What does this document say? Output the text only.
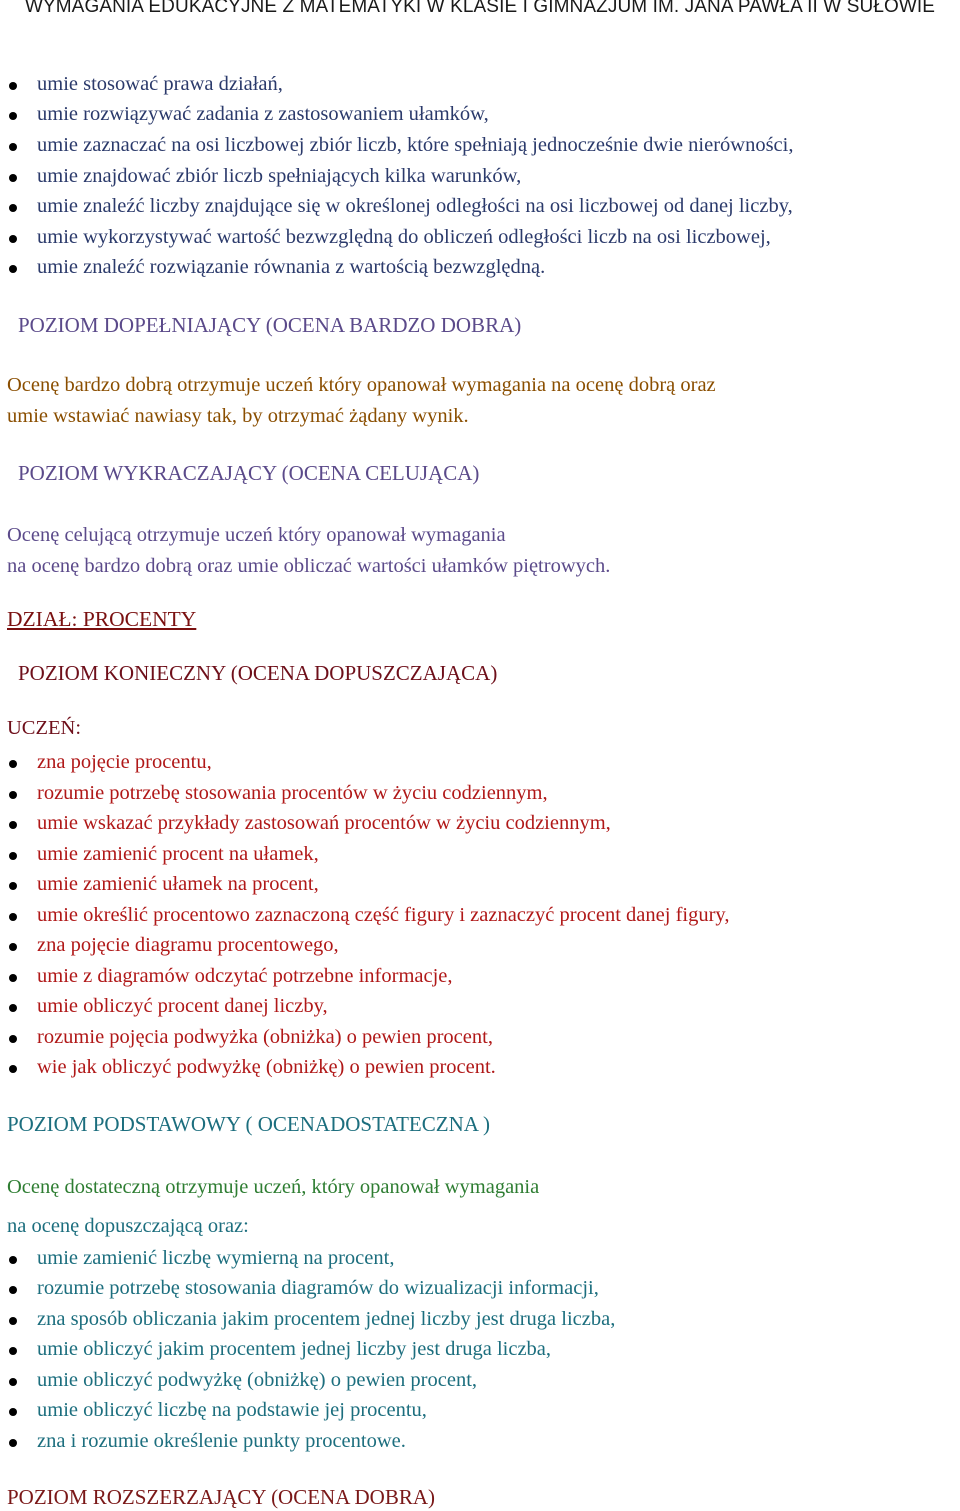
WYMAGANIA EDUKACYJNE Z MATEMATYKI W KLASIE I GIMNAZJUM IM. JANA PAWŁA II W SUŁOWIE
umie stosować prawa działań,
umie rozwiązywać zadania z zastosowaniem ułamków,
umie zaznaczać na osi liczbowej zbiór liczb, które spełniają jednocześnie dwie nierówności,
umie znajdować zbiór liczb spełniających kilka warunków,
umie znaleźć liczby znajdujące się w określonej odległości na osi liczbowej od danej liczby,
umie wykorzystywać wartość bezwzględną do obliczeń odległości liczb na osi liczbowej,
umie znaleźć rozwiązanie równania z wartością bezwzględną.
POZIOM DOPEŁNIAJĄCY (OCENA BARDZO DOBRA)
Ocenę bardzo dobrą otrzymuje uczeń który opanował wymagania na ocenę dobrą oraz
umie wstawiać nawiasy tak, by otrzymać żądany wynik.
POZIOM WYKRACZAJĄCY (OCENA CELUJĄCA)
Ocenę celującą otrzymuje uczeń który opanował wymagania
na ocenę bardzo dobrą oraz umie obliczać wartości ułamków piętrowych.
DZIAŁ: PROCENTY
POZIOM KONIECZNY (OCENA DOPUSZCZAJĄCA)
UCZEŃ:
zna pojęcie procentu,
rozumie potrzebę stosowania procentów w życiu codziennym,
umie wskazać przykłady zastosowań procentów w życiu codziennym,
umie zamienić procent na ułamek,
umie zamienić ułamek na procent,
umie określić procentowo zaznaczoną część figury i zaznaczyć procent danej figury,
zna pojęcie diagramu procentowego,
umie z diagramów odczytać potrzebne informacje,
umie obliczyć procent danej liczby,
rozumie pojęcia podwyżka (obniżka) o pewien procent,
wie jak obliczyć podwyżkę (obniżkę) o pewien procent.
POZIOM PODSTAWOWY ( OCENADOSTATECZNA )
Ocenę dostateczną otrzymuje uczeń, który opanował wymagania
na ocenę dopuszczającą oraz:
umie zamienić liczbę wymierną na procent,
rozumie potrzebę stosowania diagramów do wizualizacji informacji,
zna sposób obliczania jakim procentem jednej liczby jest druga liczba,
umie obliczyć jakim procentem jednej liczby jest druga liczba,
umie obliczyć podwyżkę (obniżkę) o pewien procent,
umie obliczyć liczbę na podstawie jej procentu,
zna i rozumie określenie punkty procentowe.
POZIOM ROZSZERZAJĄCY (OCENA DOBRA)
